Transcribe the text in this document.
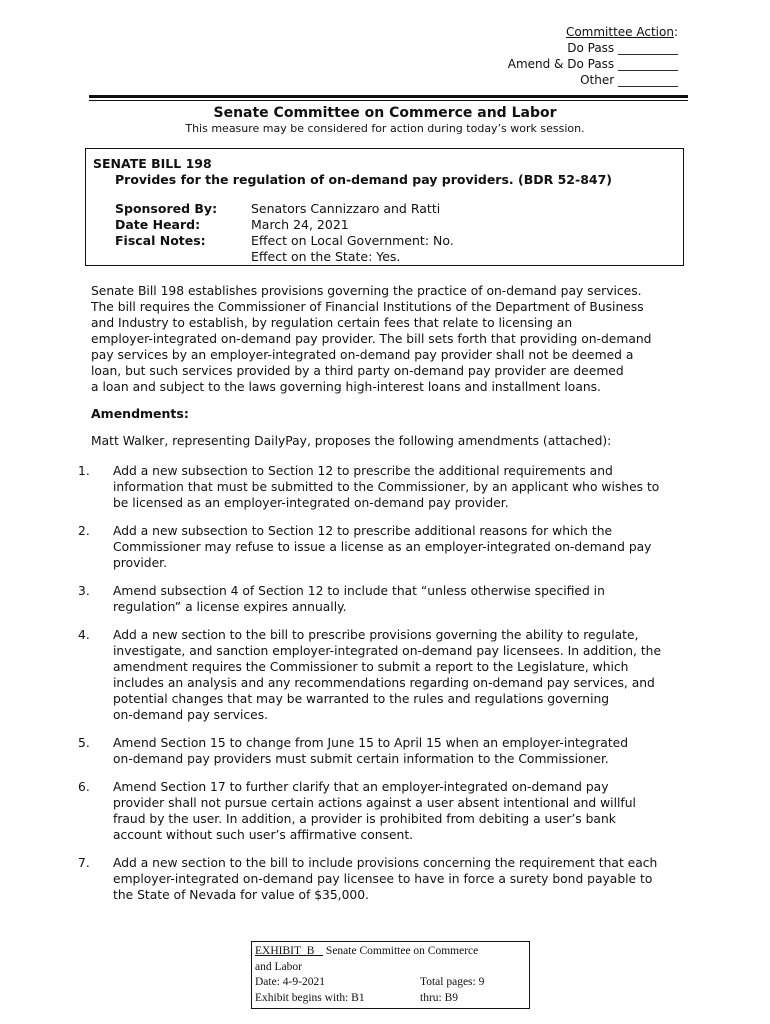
Committee Action:
Do Pass __________
Amend & Do Pass __________
Other __________
Senate Committee on Commerce and Labor
This measure may be considered for action during today’s work session.
SENATE BILL 198
Provides for the regulation of on-demand pay providers. (BDR 52-847)
Sponsored By:	Senators Cannizzaro and Ratti
Date Heard:	March 24, 2021
Fiscal Notes:	Effect on Local Government: No.
Effect on the State: Yes.
Senate Bill 198 establishes provisions governing the practice of on-demand pay services.
The bill requires the Commissioner of Financial Institutions of the Department of Business
and Industry to establish, by regulation certain fees that relate to licensing an
employer-integrated on-demand pay provider. The bill sets forth that providing on-demand
pay services by an employer-integrated on-demand pay provider shall not be deemed a
loan, but such services provided by a third party on-demand pay provider are deemed
a loan and subject to the laws governing high-interest loans and installment loans.
Amendments:
Matt Walker, representing DailyPay, proposes the following amendments (attached):
1. Add a new subsection to Section 12 to prescribe the additional requirements and
information that must be submitted to the Commissioner, by an applicant who wishes to
be licensed as an employer-integrated on-demand pay provider.
2. Add a new subsection to Section 12 to prescribe additional reasons for which the
Commissioner may refuse to issue a license as an employer-integrated on-demand pay
provider.
3. Amend subsection 4 of Section 12 to include that “unless otherwise specified in
regulation” a license expires annually.
4. Add a new section to the bill to prescribe provisions governing the ability to regulate,
investigate, and sanction employer-integrated on-demand pay licensees. In addition, the
amendment requires the Commissioner to submit a report to the Legislature, which
includes an analysis and any recommendations regarding on-demand pay services, and
potential changes that may be warranted to the rules and regulations governing
on-demand pay services.
5. Amend Section 15 to change from June 15 to April 15 when an employer-integrated
on-demand pay providers must submit certain information to the Commissioner.
6. Amend Section 17 to further clarify that an employer-integrated on-demand pay
provider shall not pursue certain actions against a user absent intentional and willful
fraud by the user. In addition, a provider is prohibited from debiting a user’s bank
account without such user’s affirmative consent.
7. Add a new section to the bill to include provisions concerning the requirement that each
employer-integrated on-demand pay licensee to have in force a surety bond payable to
the State of Nevada for value of $35,000.
EXHIBIT B Senate Committee on Commerce
and Labor
Date: 4-9-2021	Total pages: 9
Exhibit begins with: B1	thru: B9
